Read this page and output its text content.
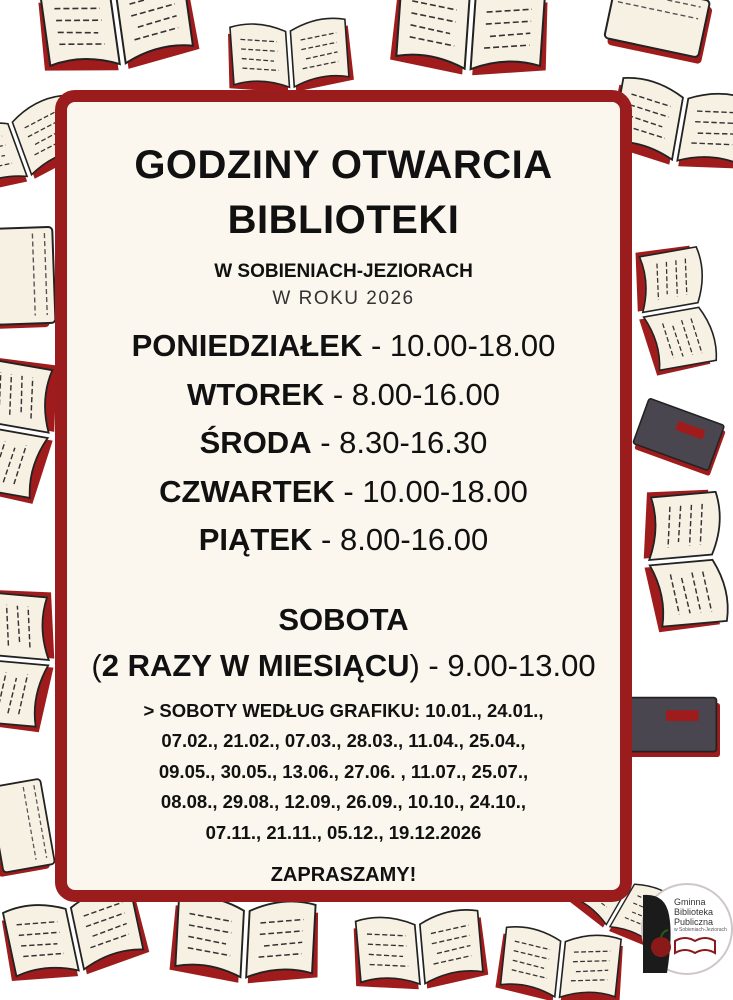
GODZINY OTWARCIA
BIBLIOTEKI
W SOBIENIACH-JEZIORACH
W ROKU 2026
PONIEDZIAŁEK - 10.00-18.00
WTOREK - 8.00-16.00
ŚRODA - 8.30-16.30
CZWARTEK - 10.00-18.00
PIĄTEK - 8.00-16.00
SOBOTA
(2 RAZY W MIESIĄCU) - 9.00-13.00
> SOBOTY WEDŁUG GRAFIKU: 10.01., 24.01.,
07.02., 21.02., 07.03., 28.03., 11.04., 25.04.,
09.05., 30.05., 13.06., 27.06. , 11.07., 25.07.,
08.08., 29.08., 12.09., 26.09., 10.10., 24.10.,
07.11., 21.11., 05.12., 19.12.2026
ZAPRASZAMY!
Gminna
Biblioteka
Publiczna
w Sobieniach-Jeziorach
